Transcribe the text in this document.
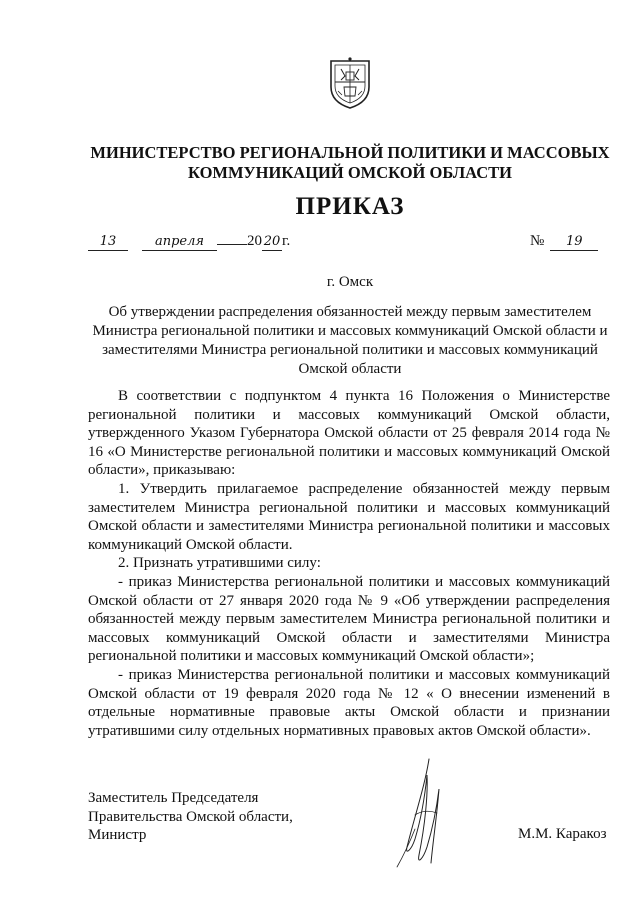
МИНИСТЕРСТВО РЕГИОНАЛЬНОЙ ПОЛИТИКИ И МАССОВЫХ
КОММУНИКАЦИЙ ОМСКОЙ ОБЛАСТИ
ПРИКАЗ
13	апреля	20 20 г.	№ 19
г. Омск
Об утверждении распределения обязанностей между первым заместителем Министра региональной политики и массовых коммуникаций Омской области и заместителями Министра региональной политики и массовых коммуникаций Омской области

В соответствии с подпунктом 4 пункта 16 Положения о Министерстве региональной политики и массовых коммуникаций Омской области, утвержденного Указом Губернатора Омской области от 25 февраля 2014 года № 16 «О Министерстве региональной политики и массовых коммуникаций Омской области», приказываю:

1. Утвердить прилагаемое распределение обязанностей между первым заместителем Министра региональной политики и массовых коммуникаций Омской области и заместителями Министра региональной политики и массовых коммуникаций Омской области.

2. Признать утратившими силу:

- приказ Министерства региональной политики и массовых коммуникаций Омской области от 27 января 2020 года № 9 «Об утверждении распределения обязанностей между первым заместителем Министра региональной политики и массовых коммуникаций Омской области и заместителями Министра региональной политики и массовых коммуникаций Омской области»;

- приказ Министерства региональной политики и массовых коммуникаций Омской области от 19 февраля 2020 года № 12 « О внесении изменений в отдельные нормативные правовые акты Омской области и признании утратившими силу отдельных нормативных правовых актов Омской области».

Заместитель Председателя
Правительства Омской области,
Министр	М.М. Каракоз
